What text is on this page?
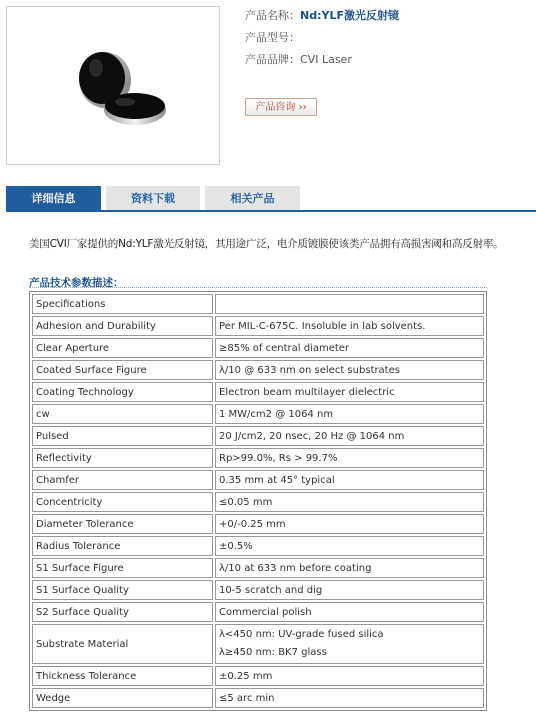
产品名称：Nd:YLF激光反射镜
产品型号：
产品品牌：CVI Laser
产品咨询 ››
详细信息	资料下载	相关产品
美国CVI厂家提供的Nd:YLF激光反射镜，其用途广泛，电介质镀膜使该类产品拥有高损害阈和高反射率。
产品技术参数描述：
Specifications	
Adhesion and Durability	Per MIL-C-675C. Insoluble in lab solvents.
Clear Aperture	≥85% of central diameter
Coated Surface Figure	λ/10 @ 633 nm on select substrates
Coating Technology	Electron beam multilayer dielectric
cw	1 MW/cm2 @ 1064 nm
Pulsed	20 J/cm2, 20 nsec, 20 Hz @ 1064 nm
Reflectivity	Rp>99.0%, Rs > 99.7%
Chamfer	0.35 mm at 45° typical
Concentricity	≤0.05 mm
Diameter Tolerance	+0/-0.25 mm
Radius Tolerance	±0.5%
S1 Surface Figure	λ/10 at 633 nm before coating
S1 Surface Quality	10-5 scratch and dig
S2 Surface Quality	Commercial polish
Substrate Material	λ<450 nm: UV-grade fused silica
λ≥450 nm: BK7 glass

Thickness Tolerance	±0.25 mm
Wedge	≤5 arc min
